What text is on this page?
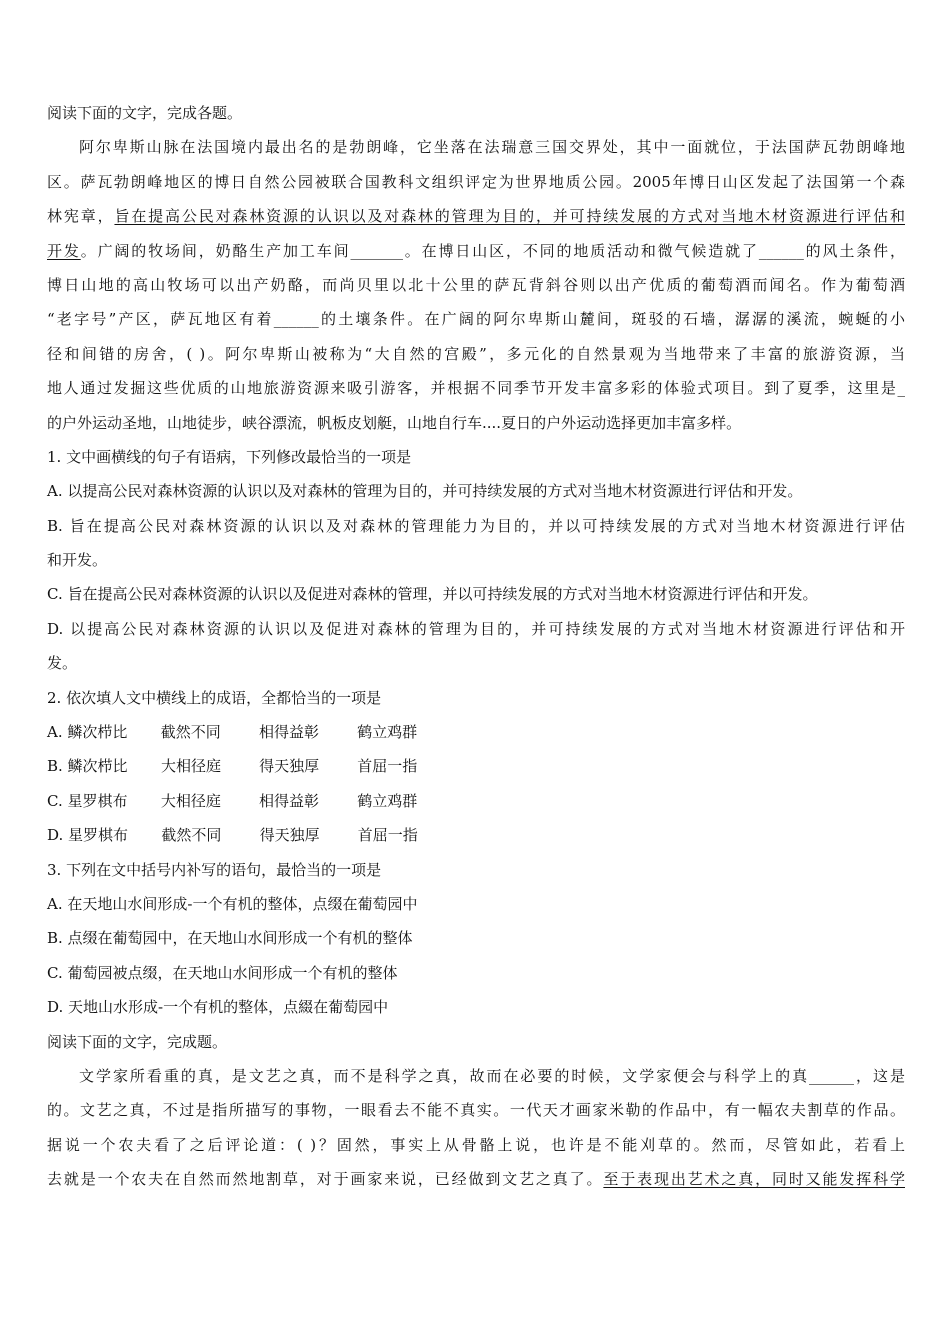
阅读下面的文字，完成各题。
阿尔卑斯山脉在法国境内最出名的是勃朗峰，它坐落在法瑞意三国交界处，其中一面就位，于法国萨瓦勃朗峰地
区。萨瓦勃朗峰地区的博日自然公园被联合国教科文组织评定为世界地质公园。2005年博日山区发起了法国第一个森
林宪章，旨在提高公民对森林资源的认识以及对森林的管理为目的，并可持续发展的方式对当地木材资源进行评估和
开发。广阔的牧场间，奶酪生产加工车间_______。在博日山区，不同的地质活动和微气候造就了______的风土条件，
博日山地的高山牧场可以出产奶酪，而尚贝里以北十公里的萨瓦背斜谷则以出产优质的葡萄酒而闻名。作为葡萄酒
“老字号”产区，萨瓦地区有着______的土壤条件。在广阔的阿尔卑斯山麓间，斑驳的石墙，潺潺的溪流，蜿蜒的小
径和间错的房舍，( )。阿尔卑斯山被称为“大自然的宫殿”，多元化的自然景观为当地带来了丰富的旅游资源，当
地人通过发掘这些优质的山地旅游资源来吸引游客，并根据不同季节开发丰富多彩的体验式项目。到了夏季，这里是_
的户外运动圣地，山地徒步，峡谷漂流，帆板皮划艇，山地自行车....夏日的户外运动选择更加丰富多样。
1. 文中画横线的句子有语病，下列修改最恰当的一项是
A. 以提高公民对森林资源的认识以及对森林的管理为目的，并可持续发展的方式对当地木材资源进行评估和开发。
B. 旨在提高公民对森林资源的认识以及对森林的管理能力为目的，并以可持续发展的方式对当地木材资源进行评估
和开发。
C. 旨在提高公民对森林资源的认识以及促进对森林的管理，并以可持续发展的方式对当地木材资源进行评估和开发。
D. 以提高公民对森林资源的认识以及促进对森林的管理为目的，并可持续发展的方式对当地木材资源进行评估和开
发。
2. 依次填人文中横线上的成语，全都恰当的一项是
A. 鳞次栉比 截然不同	相得益彰	鹤立鸡群
B. 鳞次栉比 大相径庭	得天独厚	首屈一指
C. 星罗棋布 大相径庭	相得益彰	鹤立鸡群
D. 星罗棋布 截然不同	得天独厚	首屈一指
3. 下列在文中括号内补写的语句，最恰当的一项是
A. 在天地山水间形成-一个有机的整体，点缀在葡萄园中
B. 点缀在葡萄园中，在天地山水间形成一个有机的整体
C. 葡萄园被点缀，在天地山水间形成一个有机的整体
D. 天地山水形成-一个有机的整体，点綴在葡萄园中
阅读下面的文字，完成题。
文学家所看重的真，是文艺之真，而不是科学之真，故而在必要的时候，文学家便会与科学上的真______，这是
的。文艺之真，不过是指所描写的事物，一眼看去不能不真实。一代天才画家米勒的作品中，有一幅农夫割草的作品。
据说一个农夫看了之后评论道：( )？固然，事实上从骨骼上说，也许是不能刈草的。然而，尽管如此，若看上
去就是一个农夫在自然而然地割草，对于画家来说，已经做到文艺之真了。至于表现出艺术之真，同时又能发挥科学
